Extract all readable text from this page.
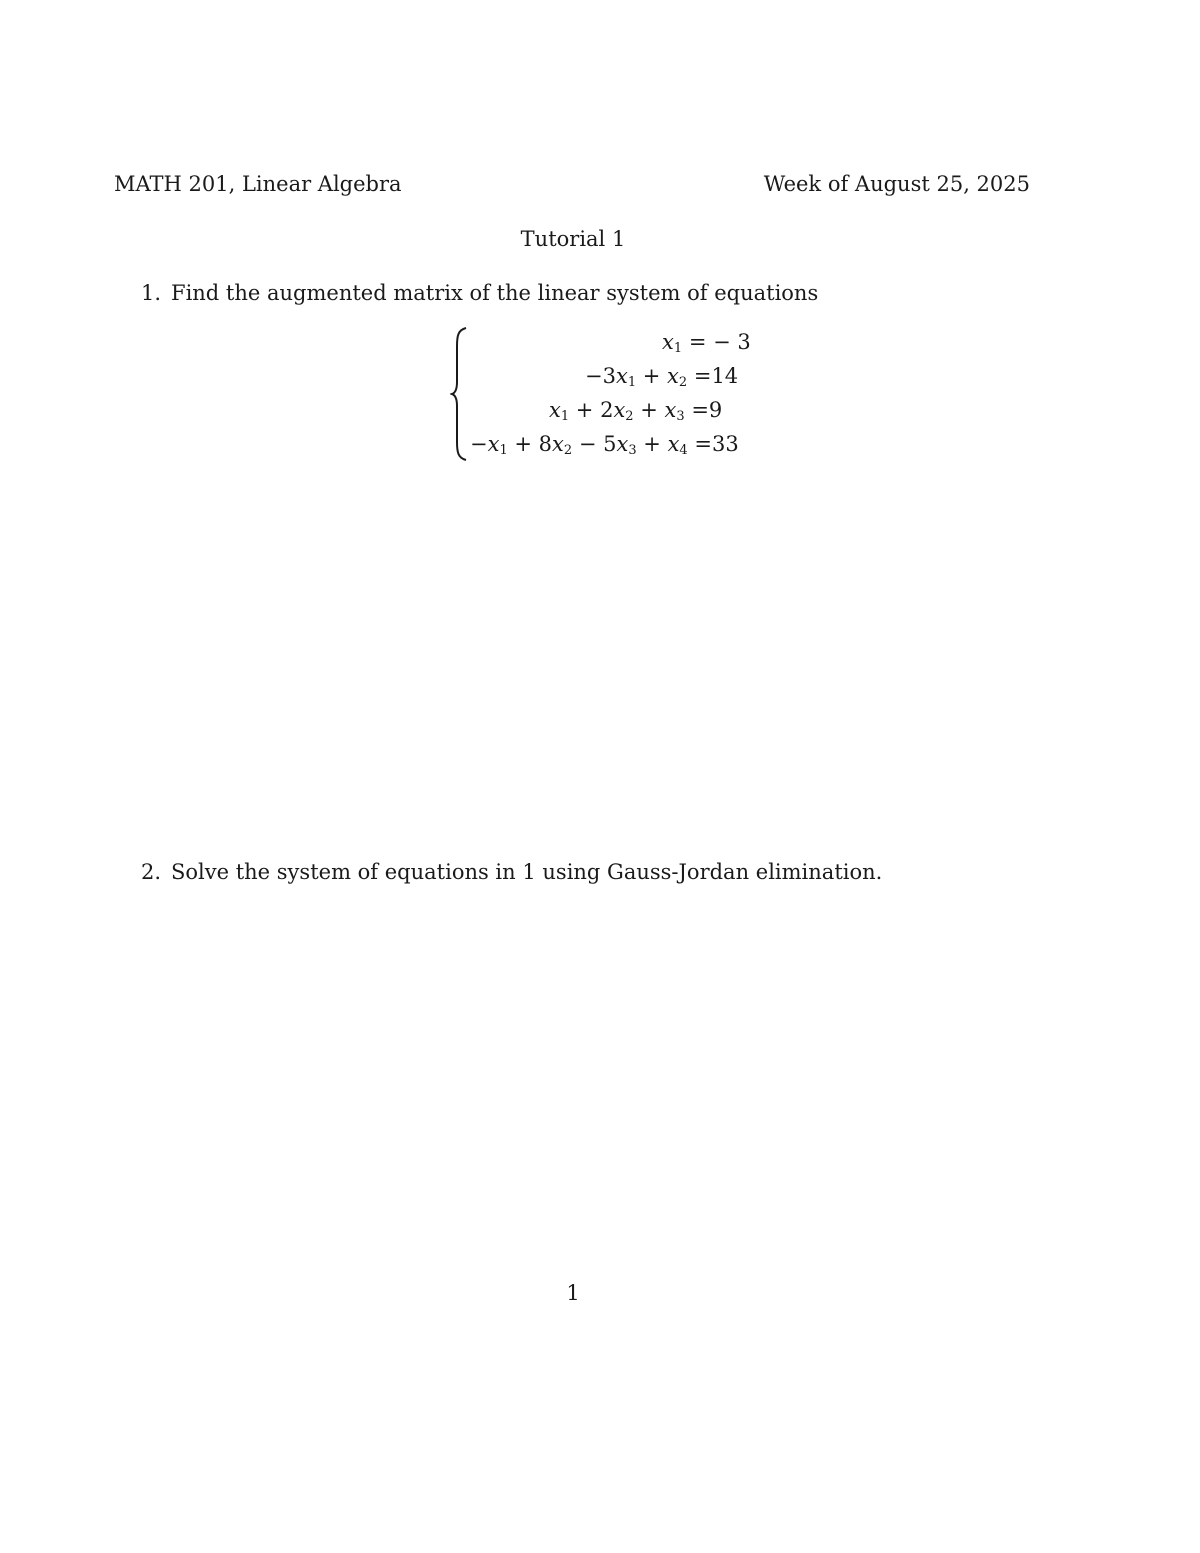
MATH 201, Linear Algebra	Week of August 25, 2025
Tutorial 1
1. Find the augmented matrix of the linear system of equations
$x_1$ = − 3
$-3x_1 + x_2 =14$
$x_1 + 2x_2 + x_3 =9$
$-x_1 + 8x_2 - 5x_3 + x_4 =33$
2. Solve the system of equations in 1 using Gauss-Jordan elimination.
1
